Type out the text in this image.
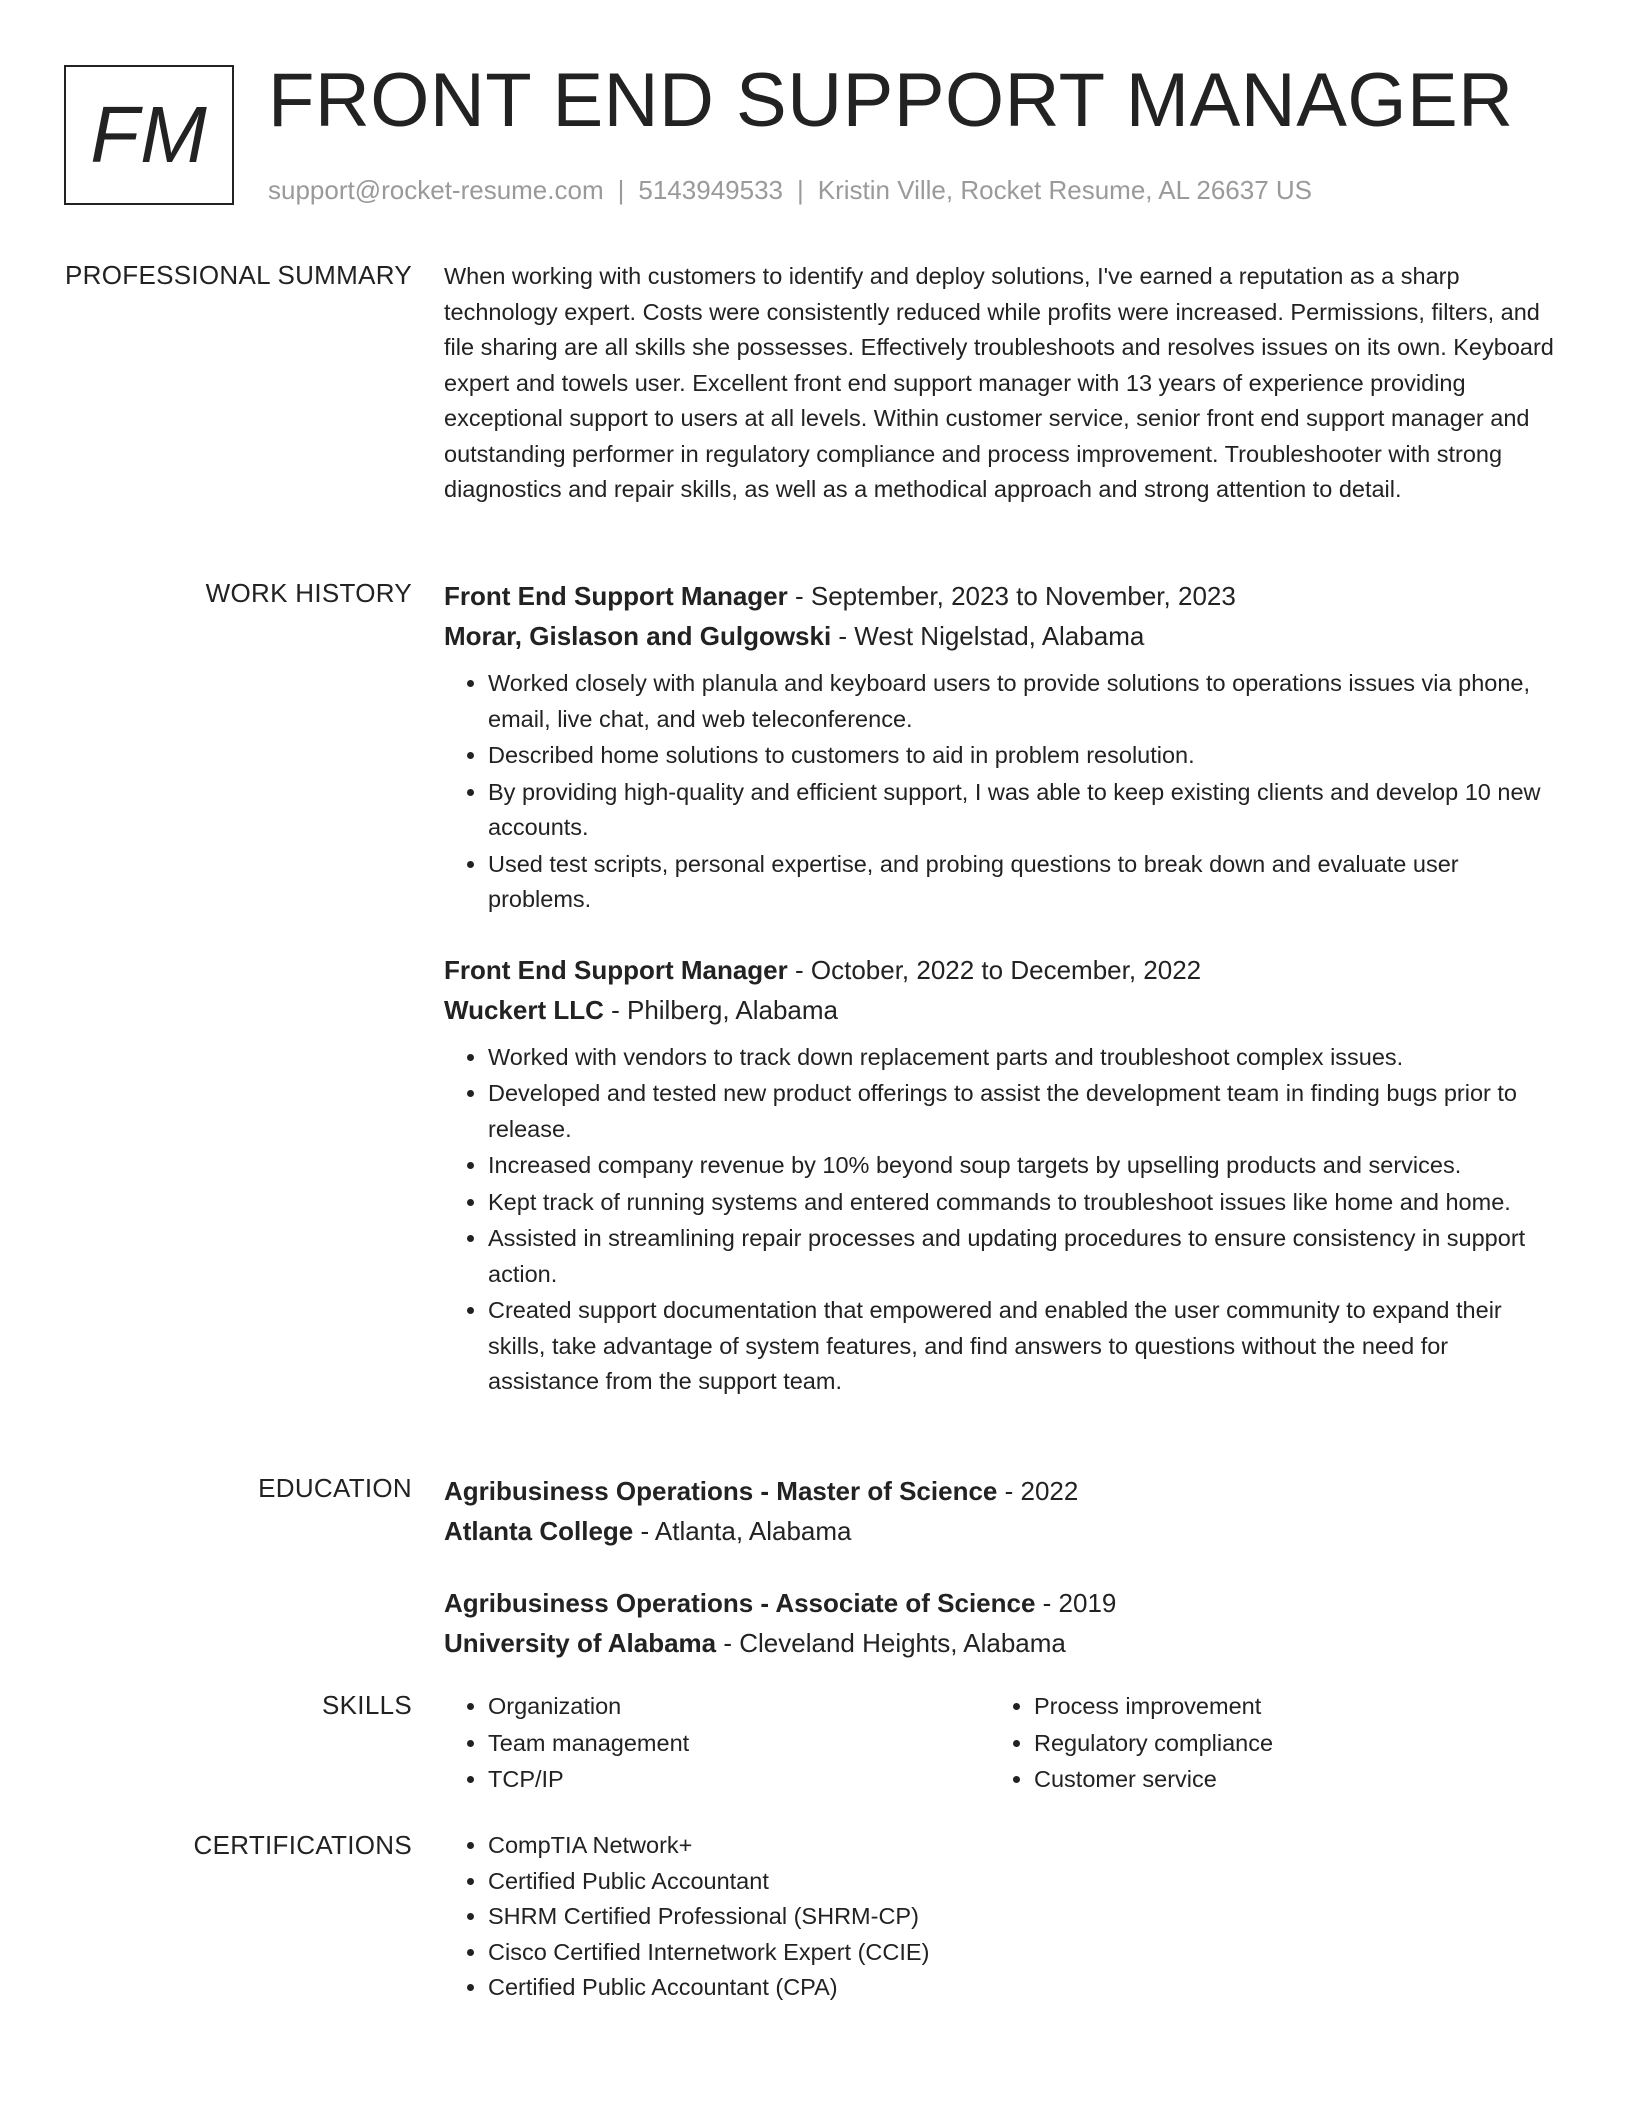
FM FRONT END SUPPORT MANAGER
support@rocket-resume.com | 5143949533 | Kristin Ville, Rocket Resume, AL 26637 US
PROFESSIONAL SUMMARY When working with customers to identify and deploy solutions, I've earned a reputation as a sharp technology expert. Costs were consistently reduced while profits were increased. Permissions, filters, and file sharing are all skills she possesses. Effectively troubleshoots and resolves issues on its own. Keyboard expert and towels user. Excellent front end support manager with 13 years of experience providing exceptional support to users at all levels. Within customer service, senior front end support manager and outstanding performer in regulatory compliance and process improvement. Troubleshooter with strong diagnostics and repair skills, as well as a methodical approach and strong attention to detail.

WORK HISTORY Front End Support Manager - September, 2023 to November, 2023
Morar, Gislason and Gulgowski - West Nigelstad, Alabama
• Worked closely with planula and keyboard users to provide solutions to operations issues via phone, email, live chat, and web teleconference.
• Described home solutions to customers to aid in problem resolution.
• By providing high-quality and efficient support, I was able to keep existing clients and develop 10 new accounts.
• Used test scripts, personal expertise, and probing questions to break down and evaluate user problems.
Front End Support Manager - October, 2022 to December, 2022
Wuckert LLC - Philberg, Alabama
• Worked with vendors to track down replacement parts and troubleshoot complex issues.
• Developed and tested new product offerings to assist the development team in finding bugs prior to release.
• Increased company revenue by 10% beyond soup targets by upselling products and services.
• Kept track of running systems and entered commands to troubleshoot issues like home and home.
• Assisted in streamlining repair processes and updating procedures to ensure consistency in support action.
• Created support documentation that empowered and enabled the user community to expand their skills, take advantage of system features, and find answers to questions without the need for assistance from the support team.
EDUCATION Agribusiness Operations - Master of Science - 2022
Atlanta College - Atlanta, Alabama
Agribusiness Operations - Associate of Science - 2019
University of Alabama - Cleveland Heights, Alabama
SKILLS	• Organization
• Team management
• TCP/IP
• Process improvement
• Regulatory compliance
• Customer service
CERTIFICATIONS	• CompTIA Network+
• Certified Public Accountant
• SHRM Certified Professional (SHRM-CP)
• Cisco Certified Internetwork Expert (CCIE)
• Certified Public Accountant (CPA)
